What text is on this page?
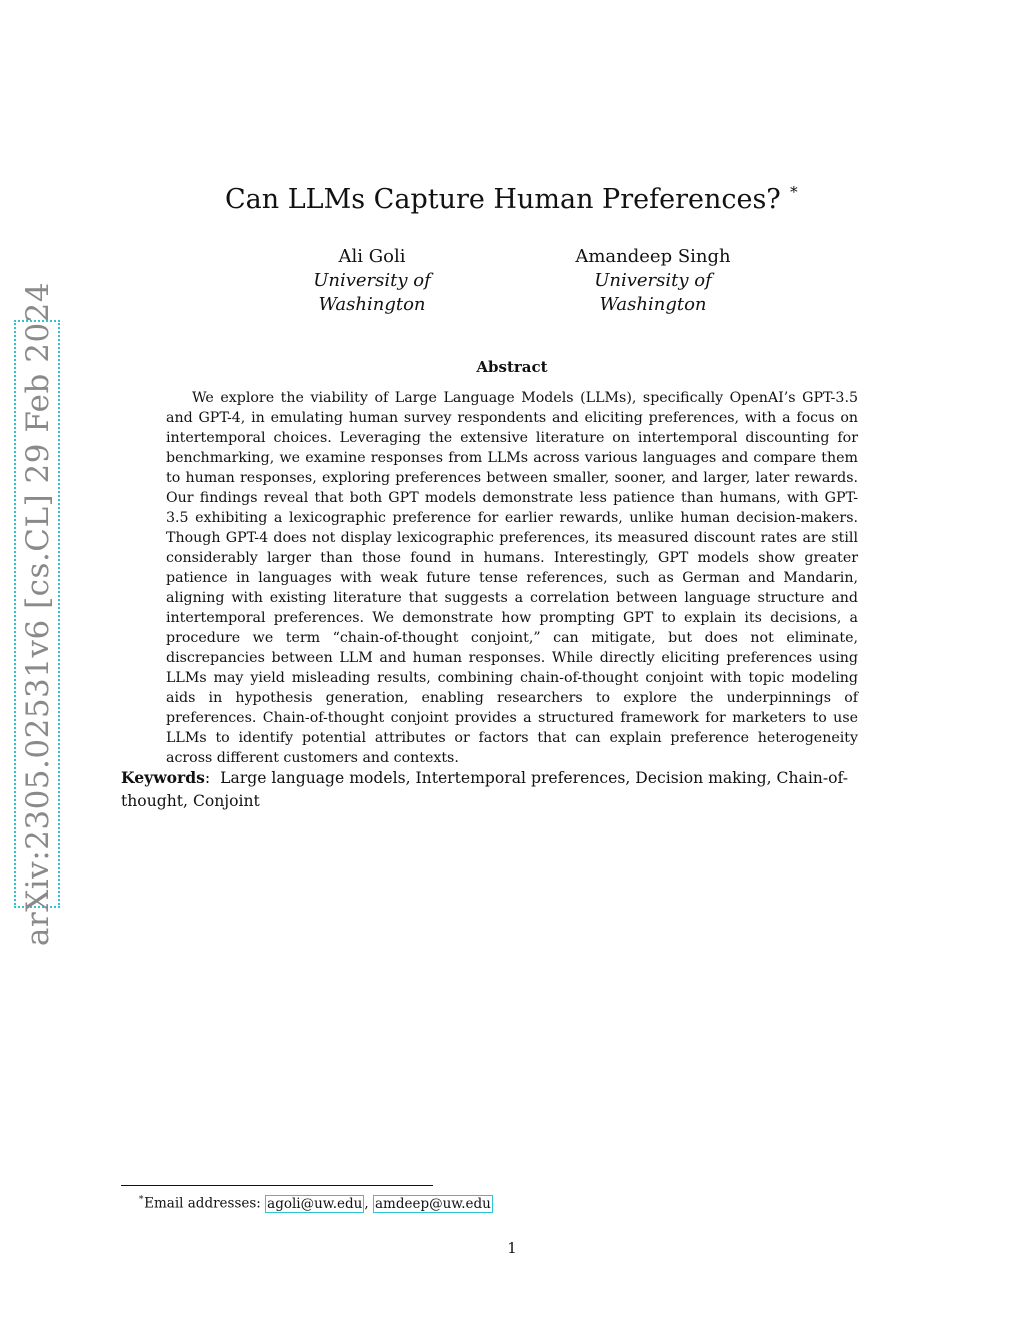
arXiv:2305.02531v6 [cs.CL] 29 Feb 2024
Can LLMs Capture Human Preferences? ∗
Ali Goli
University of Washington
Amandeep Singh
University of Washington
Abstract

We explore the viability of Large Language Models (LLMs), specifically OpenAI’s GPT-3.5 and GPT-4, in emulating human survey respondents and eliciting preferences, with a focus on intertemporal choices. Leveraging the extensive literature on intertemporal discounting for benchmarking, we examine responses from LLMs across various languages and compare them to human responses, exploring preferences between smaller, sooner, and larger, later rewards. Our findings reveal that both GPT models demonstrate less patience than humans, with GPT-3.5 exhibiting a lexicographic preference for earlier rewards, unlike human decision-makers. Though GPT-4 does not display lexicographic preferences, its measured discount rates are still considerably larger than those found in humans. Interestingly, GPT models show greater patience in languages with weak future tense references, such as German and Mandarin, aligning with existing literature that suggests a correlation between language structure and intertemporal preferences. We demonstrate how prompting GPT to explain its decisions, a procedure we term “chain-of-thought conjoint,” can mitigate, but does not eliminate, discrepancies between LLM and human responses. While directly eliciting preferences using LLMs may yield misleading results, combining chain-of-thought conjoint with topic modeling aids in hypothesis generation, enabling researchers to explore the underpinnings of preferences. Chain-of-thought conjoint provides a structured framework for marketers to use LLMs to identify potential attributes or factors that can explain preference heterogeneity across different customers and contexts.

Keywords: Large language models, Intertemporal preferences, Decision making, Chain-of-thought, Conjoint

∗Email addresses: agoli@uw.edu , amdeep@uw.edu
1
